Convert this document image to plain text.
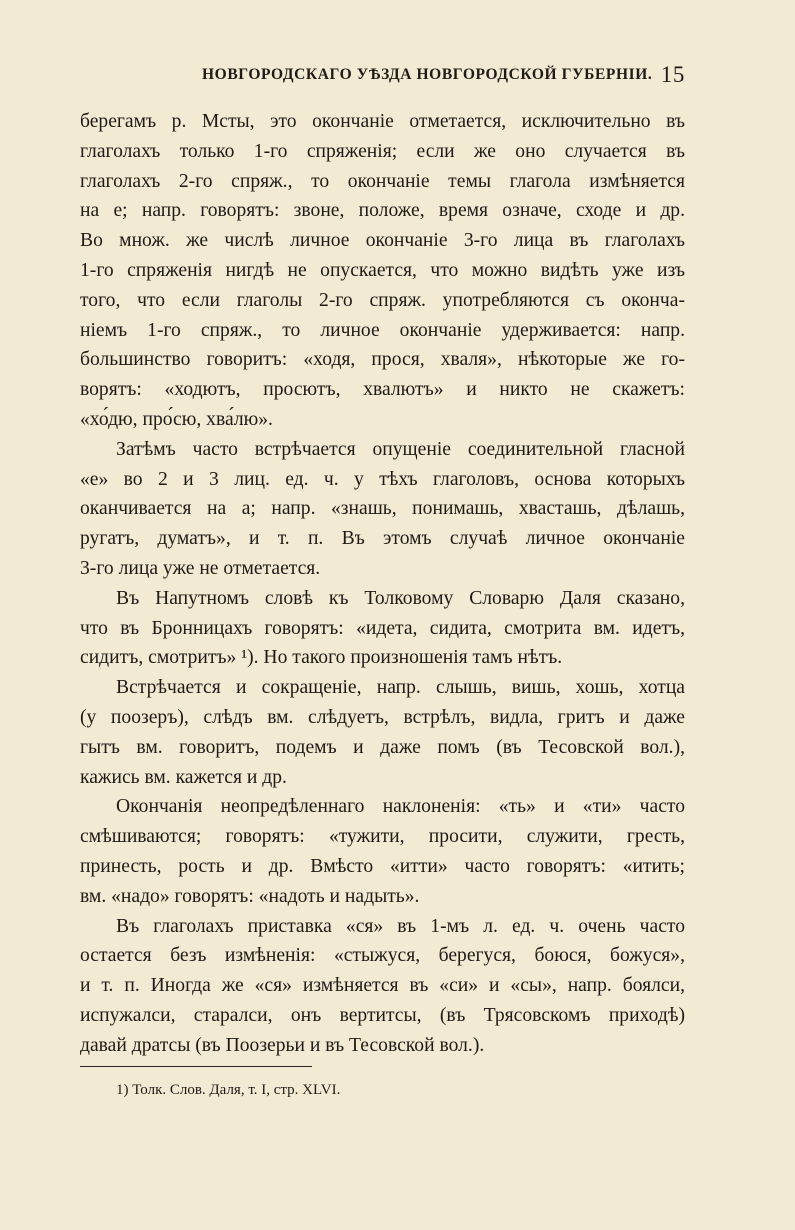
НОВГОРОДСКАГО УѢЗДА НОВГОРОДСКОЙ ГУБЕРНІИ. 15

берегамъ р. Мсты, это окончаніе отметается, исключительно въ
глаголахъ только 1-го спряженія; если же оно случается въ
глаголахъ 2-го спряж., то окончаніе темы глагола измѣняется
на е; напр. говорятъ: звоне, положе, время означе, сходе и др.
Во множ. же числѣ личное окончаніе 3-го лица въ глаголахъ
1-го спряженія нигдѣ не опускается, что можно видѣть уже изъ
того, что если глаголы 2-го спряж. употребляются съ оконча-
ніемъ 1-го спряж., то личное окончаніе удерживается: напр.
большинство говоритъ: «ходя, прося, хваля», нѣкоторые же го-
ворятъ: «ходютъ, просютъ, хвалютъ» и никто не скажетъ:
«хо́дю, про́сю, хва́лю».

Затѣмъ часто встрѣчается опущеніе соединительной гласной
«е» во 2 и 3 лиц. ед. ч. у тѣхъ глаголовъ, основа которыхъ
оканчивается на а; напр. «знашь, понимашь, хвасташь, дѣлашь,
ругатъ, думатъ», и т. п. Въ этомъ случаѣ личное окончаніе
3-го лица уже не отметается.

Въ Напутномъ словѣ къ Толковому Словарю Даля сказано,
что въ Бронницахъ говорятъ: «идета, сидита, смотрита вм. идетъ,
сидитъ, смотритъ» ¹). Но такого произношенія тамъ нѣтъ.

Встрѣчается и сокращеніе, напр. слышь, вишь, хошь, хотца
(у поозеръ), слѣдъ вм. слѣдуетъ, встрѣлъ, видла, гритъ и даже
гытъ вм. говоритъ, подемъ и даже помъ (въ Тесовской вол.),
кажись вм. кажется и др.

Окончанія неопредѣленнаго наклоненія: «ть» и «ти» часто
смѣшиваются; говорятъ: «тужити, просити, служити, гресть,
принесть, рость и др. Вмѣсто «итти» часто говорятъ: «итить;
вм. «надо» говорятъ: «надоть и надыть».

Въ глаголахъ приставка «ся» въ 1-мъ л. ед. ч. очень часто
остается безъ измѣненія: «стыжуся, берегуся, боюся, божуся»,
и т. п. Иногда же «ся» измѣняется въ «си» и «сы», напр. боялси,
испужалси, старалси, онъ вертитсы, (въ Трясовскомъ приходѣ)
давай дратсы (въ Поозерьи и въ Тесовской вол.).

1) Толк. Слов. Даля, т. I, стр. XLVI.
